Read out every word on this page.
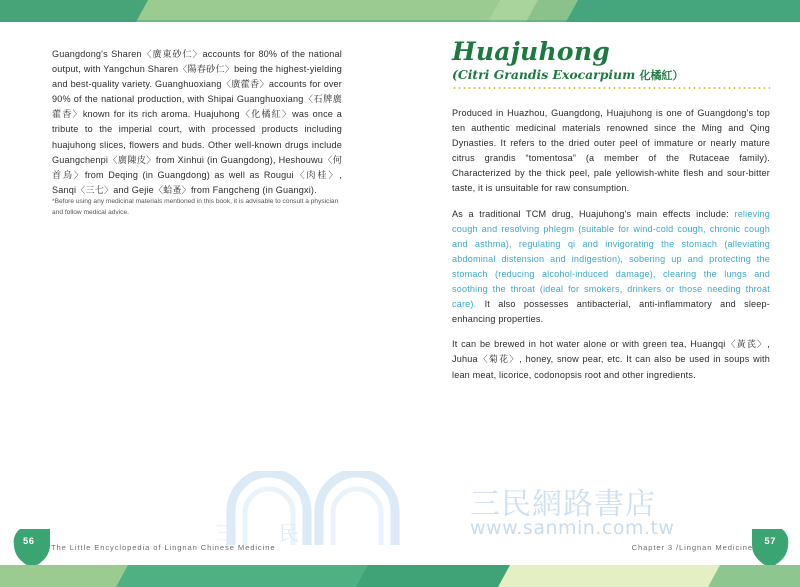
Guangdong's Sharen〈廣東砂仁〉accounts for 80% of the national output, with Yangchun Sharen〈陽春砂仁〉being the highest-yielding and best-quality variety. Guanghuoxiang〈廣藿香〉accounts for over 90% of the national production, with Shipai Guanghuoxiang〈石牌廣藿香〉known for its rich aroma. Huajuhong〈化橘紅〉was once a tribute to the imperial court, with processed products including huajuhong slices, flowers and buds. Other well-known drugs include Guangchenpi〈廣陳皮〉from Xinhui (in Guangdong), Heshouwu〈何首烏〉from Deqing (in Guangdong) as well as Rougui〈肉桂〉, Sanqi〈三七〉and Gejie〈蛤蚤〉from Fangcheng (in Guangxi).

*Before using any medicinal materials mentioned in this book, it is advisable to consult a physician and follow medical advice.
Huajuhong
(Citri Grandis Exocarpium 化橘紅）

Produced in Huazhou, Guangdong, Huajuhong is one of Guangdong's top ten authentic medicinal materials renowned since the Ming and Qing Dynasties. It refers to the dried outer peel of immature or nearly mature citrus grandis “tomentosa” (a member of the Rutaceae family). Characterized by the thick peel, pale yellowish-white flesh and sour-bitter taste, it is unsuitable for raw consumption.

As a traditional TCM drug, Huajuhong's main effects include: relieving cough and resolving phlegm (suitable for wind-cold cough, chronic cough and asthma), regulating qi and invigorating the stomach (alleviating abdominal distension and indigestion), sobering up and protecting the stomach (reducing alcohol-induced damage), clearing the lungs and soothing the throat (ideal for smokers, drinkers or those needing throat care). It also possesses antibacterial, anti-inflammatory and sleep-enhancing properties.

It can be brewed in hot water alone or with green tea, Huangqi〈黃芪〉, Juhua〈菊花〉, honey, snow pear, etc. It can also be used in soups with lean meat, licorice, codonopsis root and other ingredients.

三民
三民網路書店
www.sanmin.com.tw
56
The Little Encyclopedia of Lingnan Chinese Medicine
57
Chapter 3 /Lingnan Medicine
